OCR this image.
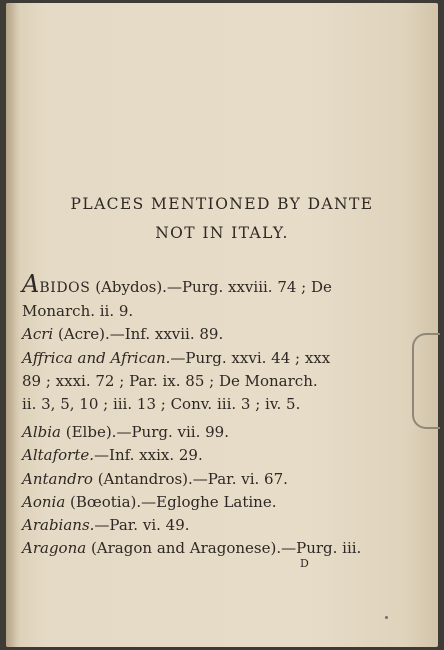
PLACES MENTIONED BY DANTE
NOT IN ITALY.

ABIDOS (Abydos).—Purg. xxviii. 74 ; De
Monarch. ii. 9.

Acri (Acre).—Inf. xxvii. 89.

Affrica and African.—Purg. xxvi. 44 ; xxx
89 ; xxxi. 72 ; Par. ix. 85 ; De Monarch.
ii. 3, 5, 10 ; iii. 13 ; Conv. iii. 3 ; iv. 5.

Albia (Elbe).—Purg. vii. 99.

Altaforte.—Inf. xxix. 29.

Antandro (Antandros).—Par. vi. 67.

Aonia (Bœotia).—Egloghe Latine.

Arabians.—Par. vi. 49.

Aragona (Aragon and Aragonese).—Purg. iii.

D
